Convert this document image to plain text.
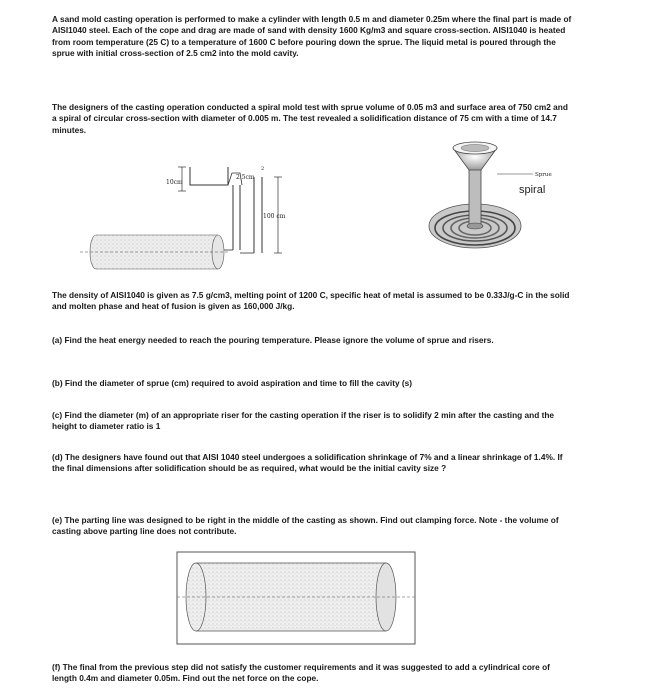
A sand mold casting operation is performed to make a cylinder with length 0.5 m and diameter 0.25m where the final part is made of AISI1040 steel. Each of the cope and drag are made of sand with density 1600 Kg/m3 and square cross-section. AISI1040 is heated from room temperature (25 C) to a temperature of 1600 C before pouring down the sprue. The liquid metal is poured through the sprue with initial cross-section of 2.5 cm2 into the mold cavity.

The designers of the casting operation conducted a spiral mold test with sprue volume of 0.05 m3 and surface area of 750 cm2 and a spiral of circular cross-section with diameter of 0.005 m. The test revealed a solidification distance of 75 cm with a time of 14.7 minutes.

10cm
2.5cm
2
100 cm
Sprue
spiral

The density of AISI1040 is given as 7.5 g/cm3, melting point of 1200 C, specific heat of metal is assumed to be 0.33J/g-C in the solid and molten phase and heat of fusion is given as 160,000 J/kg.

(a) Find the heat energy needed to reach the pouring temperature. Please ignore the volume of sprue and risers.

(b) Find the diameter of sprue (cm) required to avoid aspiration and time to fill the cavity (s)

(c) Find the diameter (m) of an appropriate riser for the casting operation if the riser is to solidify 2 min after the casting and the height to diameter ratio is 1

(d) The designers have found out that AISI 1040 steel undergoes a solidification shrinkage of 7% and a linear shrinkage of 1.4%. If the final dimensions after solidification should be as required, what would be the initial cavity size ?

(e) The parting line was designed to be right in the middle of the casting as shown. Find out clamping force. Note - the volume of casting above parting line does not contribute.

(f) The final from the previous step did not satisfy the customer requirements and it was suggested to add a cylindrical core of length 0.4m and diameter 0.05m. Find out the net force on the cope.
